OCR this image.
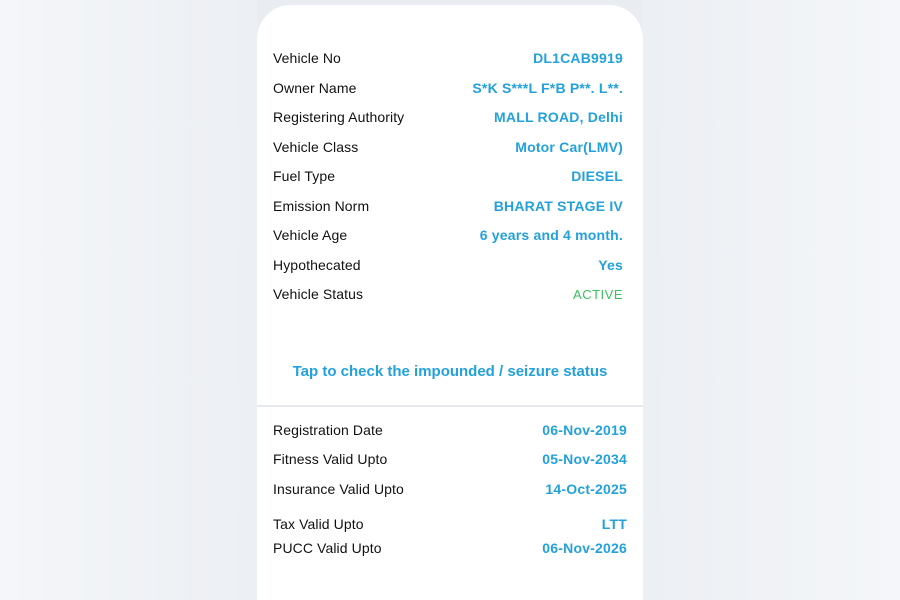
Vehicle No	DL1CAB9919
Owner Name	S*K S***L F*B P**. L**.
Registering Authority	MALL ROAD, Delhi
Vehicle Class	Motor Car(LMV)
Fuel Type	DIESEL
Emission Norm	BHARAT STAGE IV
Vehicle Age	6 years and 4 month.
Hypothecated	Yes
Vehicle Status	ACTIVE
Tap to check the impounded / seizure status
Registration Date	06-Nov-2019
Fitness Valid Upto	05-Nov-2034
Insurance Valid Upto	14-Oct-2025
Tax Valid Upto	LTT
PUCC Valid Upto	06-Nov-2026
